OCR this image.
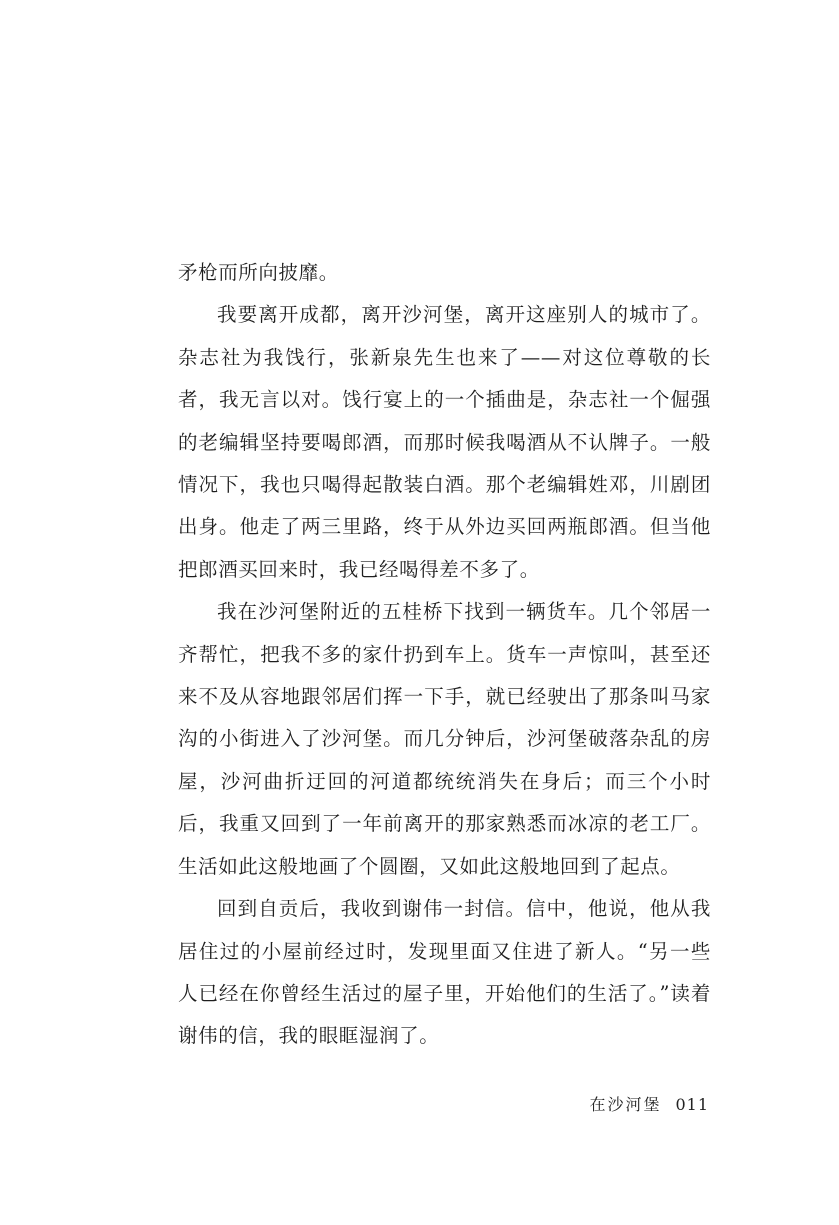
矛枪而所向披靡。

我要离开成都，离开沙河堡，离开这座别人的城市了。杂志社为我饯行，张新泉先生也来了——对这位尊敬的长者，我无言以对。饯行宴上的一个插曲是，杂志社一个倔强的老编辑坚持要喝郎酒，而那时候我喝酒从不认牌子。一般情况下，我也只喝得起散装白酒。那个老编辑姓邓，川剧团出身。他走了两三里路，终于从外边买回两瓶郎酒。但当他把郎酒买回来时，我已经喝得差不多了。

我在沙河堡附近的五桂桥下找到一辆货车。几个邻居一齐帮忙，把我不多的家什扔到车上。货车一声惊叫，甚至还来不及从容地跟邻居们挥一下手，就已经驶出了那条叫马家沟的小街进入了沙河堡。而几分钟后，沙河堡破落杂乱的房屋，沙河曲折迂回的河道都统统消失在身后；而三个小时后，我重又回到了一年前离开的那家熟悉而冰凉的老工厂。生活如此这般地画了个圆圈，又如此这般地回到了起点。

回到自贡后，我收到谢伟一封信。信中，他说，他从我居住过的小屋前经过时，发现里面又住进了新人。“另一些人已经在你曾经生活过的屋子里，开始他们的生活了。”读着谢伟的信，我的眼眶湿润了。

在沙河堡 011
